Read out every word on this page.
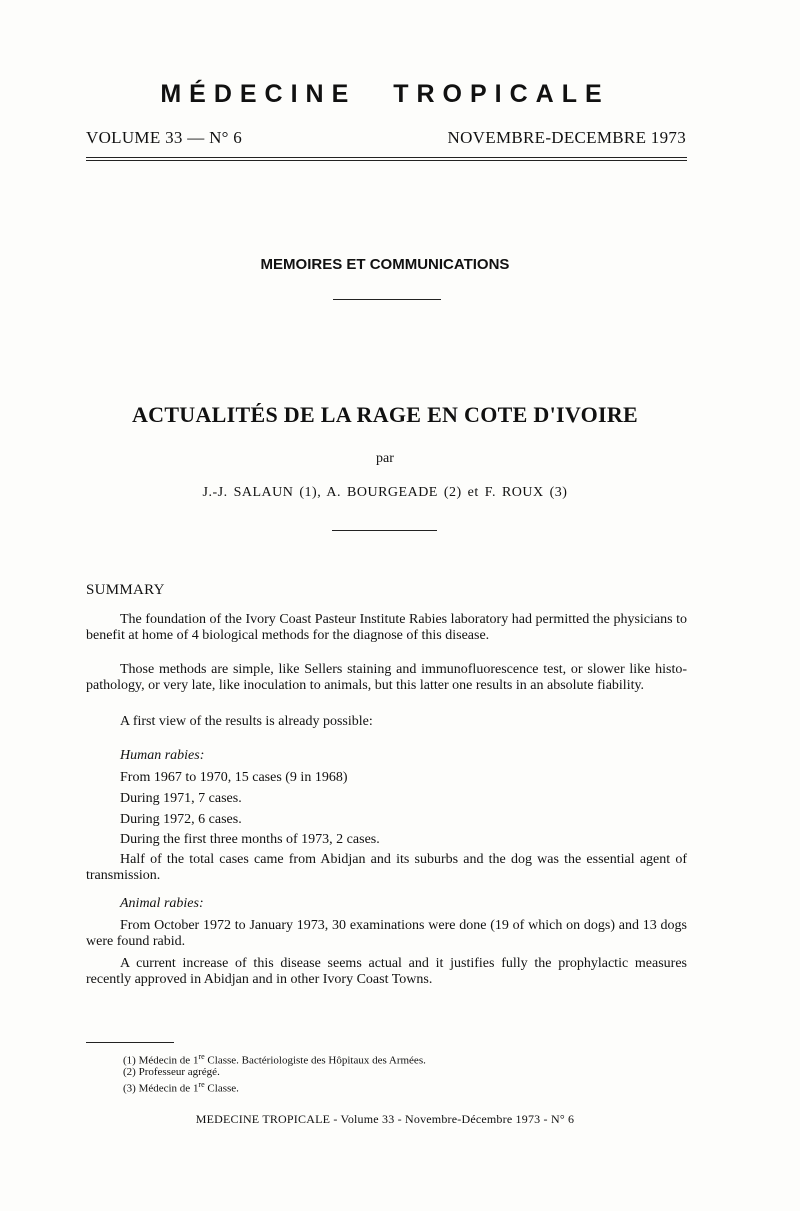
MÉDECINE TROPICALE
VOLUME 33 — N° 6	NOVEMBRE-DECEMBRE 1973
MEMOIRES ET COMMUNICATIONS
ACTUALITÉS DE LA RAGE EN COTE D'IVOIRE
par
J.-J. SALAUN (1), A. BOURGEADE (2) et F. ROUX (3)
SUMMARY

The foundation of the Ivory Coast Pasteur Institute Rabies laboratory had permitted the physicians to benefit at home of 4 biological methods for the diagnose of this disease.

Those methods are simple, like Sellers staining and immunofluorescence test, or slower like histo-pathology, or very late, like inoculation to animals, but this latter one results in an absolute fiability.

A first view of the results is already possible:

Human rabies:
From 1967 to 1970, 15 cases (9 in 1968)
During 1971, 7 cases.
During 1972, 6 cases.
During the first three months of 1973, 2 cases.

Half of the total cases came from Abidjan and its suburbs and the dog was the essential agent of transmission.

Animal rabies:

From October 1972 to January 1973, 30 examinations were done (19 of which on dogs) and 13 dogs were found rabid.

A current increase of this disease seems actual and it justifies fully the prophylactic measures recently approved in Abidjan and in other Ivory Coast Towns.

(1) Médecin de 1re Classe. Bactériologiste des Hôpitaux des Armées.
(2) Professeur agrégé.
(3) Médecin de 1re Classe.
MEDECINE TROPICALE - Volume 33 - Novembre-Décembre 1973 - N° 6
